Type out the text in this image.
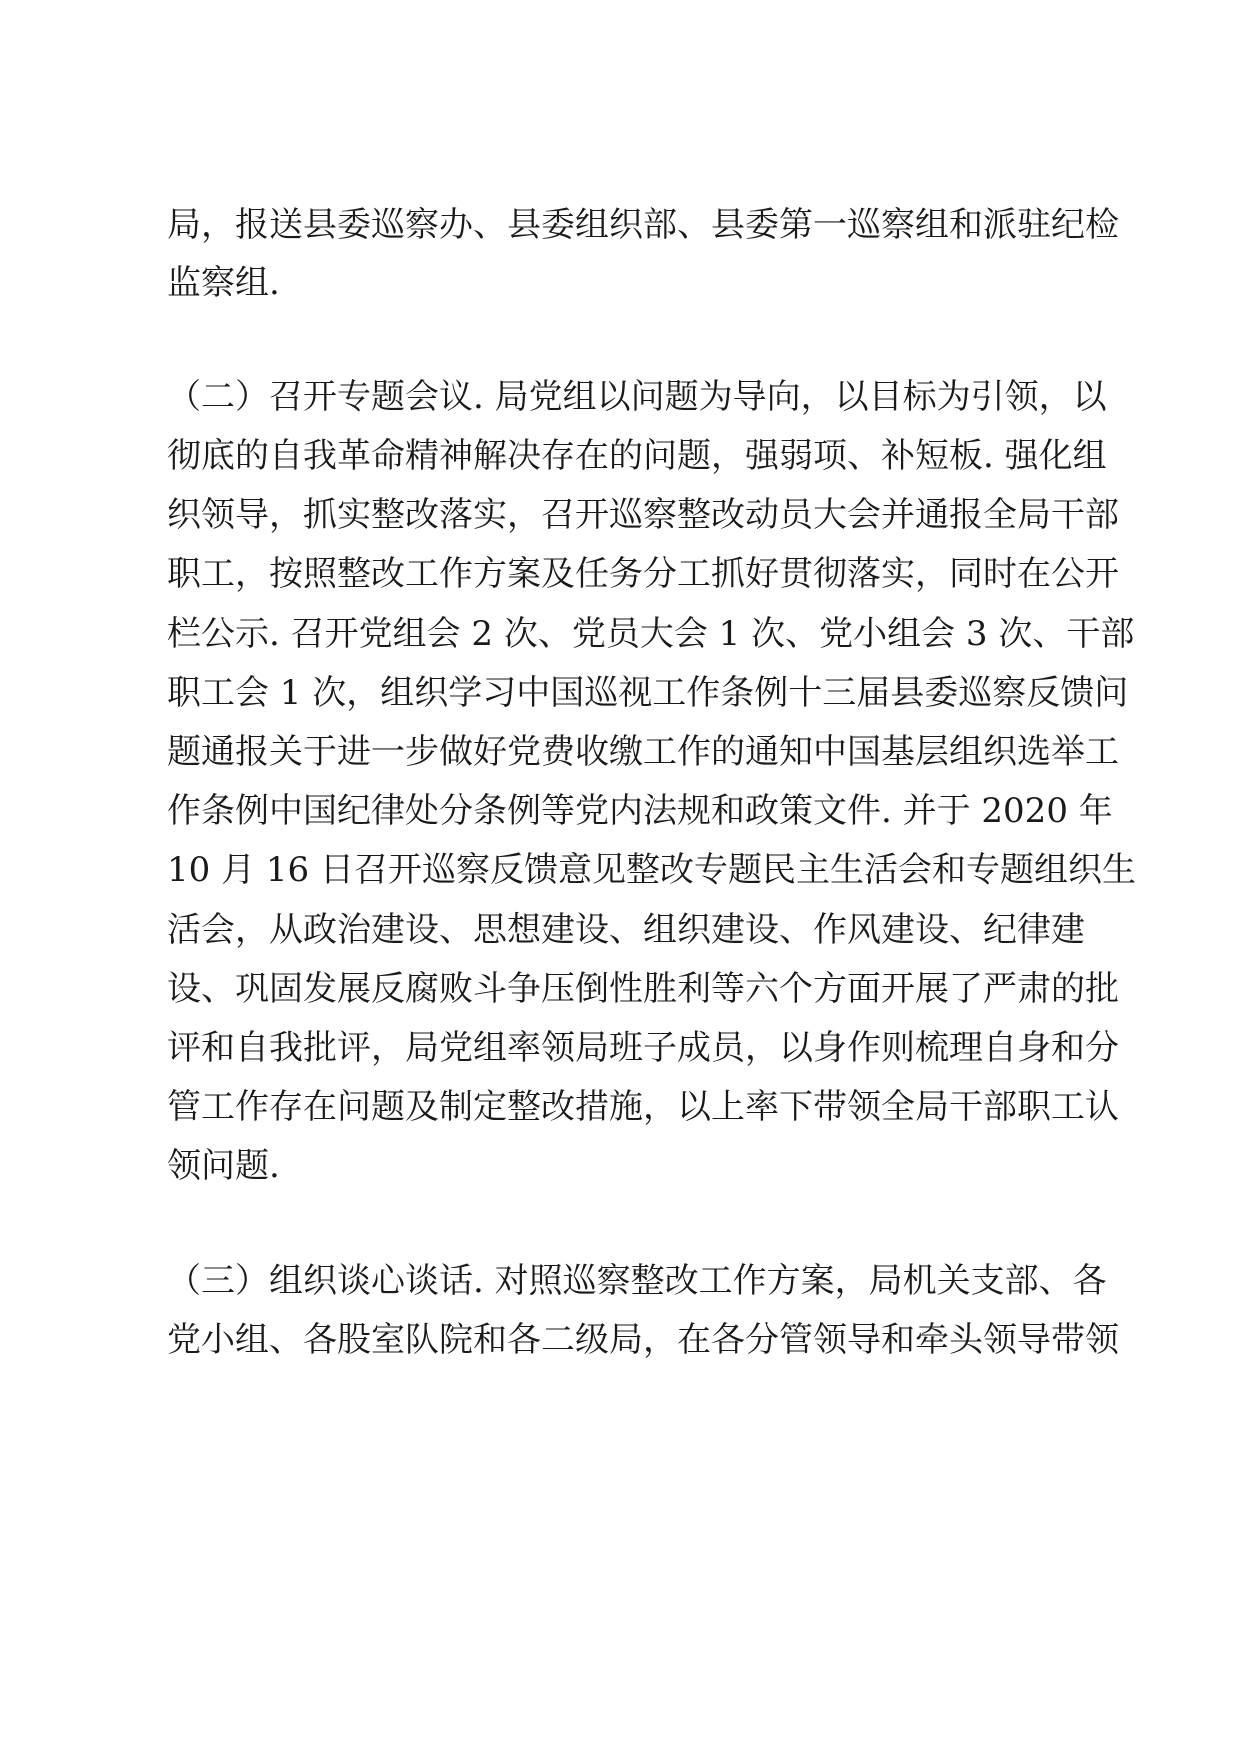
局，报送县委巡察办、县委组织部、县委第一巡察组和派驻纪检
监察组.
（二）召开专题会议. 局党组以问题为导向，以目标为引领，以
彻底的自我革命精神解决存在的问题，强弱项、补短板. 强化组
织领导，抓实整改落实，召开巡察整改动员大会并通报全局干部
职工，按照整改工作方案及任务分工抓好贯彻落实，同时在公开
栏公示. 召开党组会 2 次、党员大会 1 次、党小组会 3 次、干部
职工会 1 次，组织学习中国巡视工作条例十三届县委巡察反馈问
题通报关于进一步做好党费收缴工作的通知中国基层组织选举工
作条例中国纪律处分条例等党内法规和政策文件. 并于 2020 年
10 月 16 日召开巡察反馈意见整改专题民主生活会和专题组织生
活会，从政治建设、思想建设、组织建设、作风建设、纪律建
设、巩固发展反腐败斗争压倒性胜利等六个方面开展了严肃的批
评和自我批评，局党组率领局班子成员，以身作则梳理自身和分
管工作存在问题及制定整改措施，以上率下带领全局干部职工认
领问题.
（三）组织谈心谈话. 对照巡察整改工作方案，局机关支部、各
党小组、各股室队院和各二级局，在各分管领导和牵头领导带领
